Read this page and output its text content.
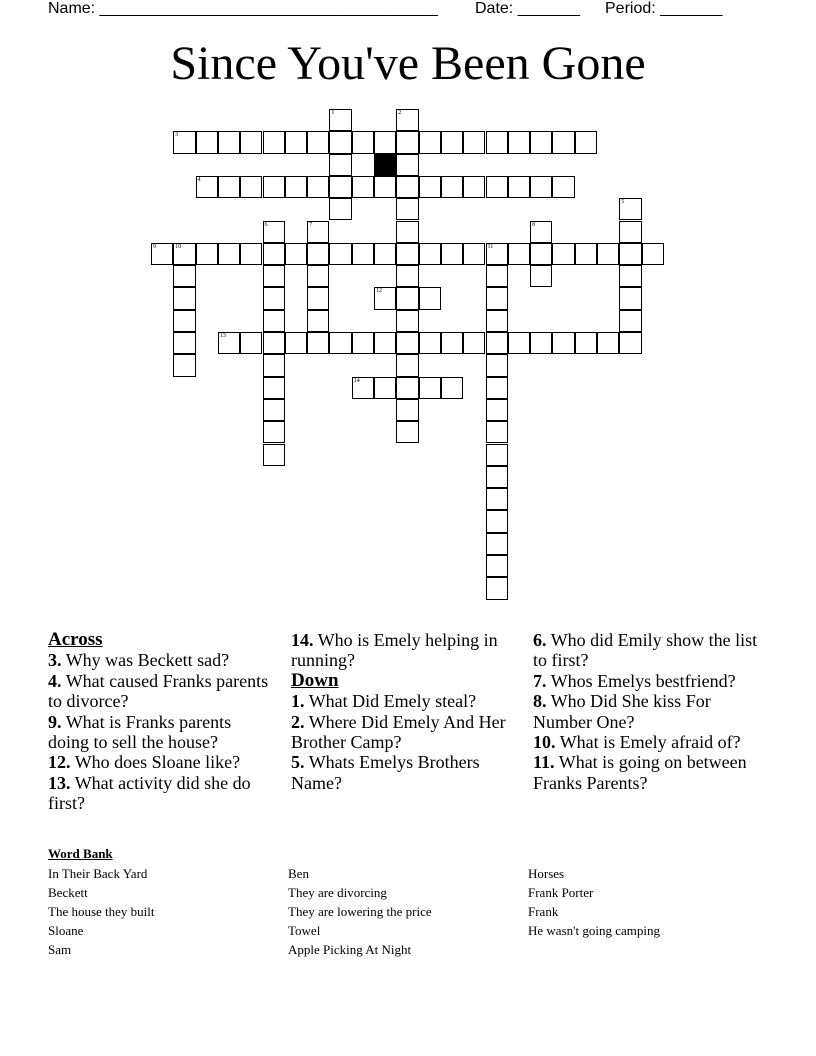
Name: ______________________________________ Date: _______ Period: _______
Since You've Been Gone
1	2
3
4
5
6	7	8
9	10	11
12
13
14
Across
3. Why was Beckett sad?
4. What caused Franks parents to divorce?
9. What is Franks parents doing to sell the house?
12. Who does Sloane like?
13. What activity did she do first?
14. Who is Emely helping in running?
Down
1. What Did Emely steal?
2. Where Did Emely And Her Brother Camp?
5. Whats Emelys Brothers Name?
6. Who did Emily show the list to first?
7. Whos Emelys bestfriend?
8. Who Did She kiss For Number One?
10. What is Emely afraid of?
11. What is going on between Franks Parents?
Word Bank
In Their Back Yard
Beckett
The house they built
Sloane
Sam
Ben
They are divorcing
They are lowering the price
Towel
Apple Picking At Night
Horses
Frank Porter
Frank
He wasn't going camping
